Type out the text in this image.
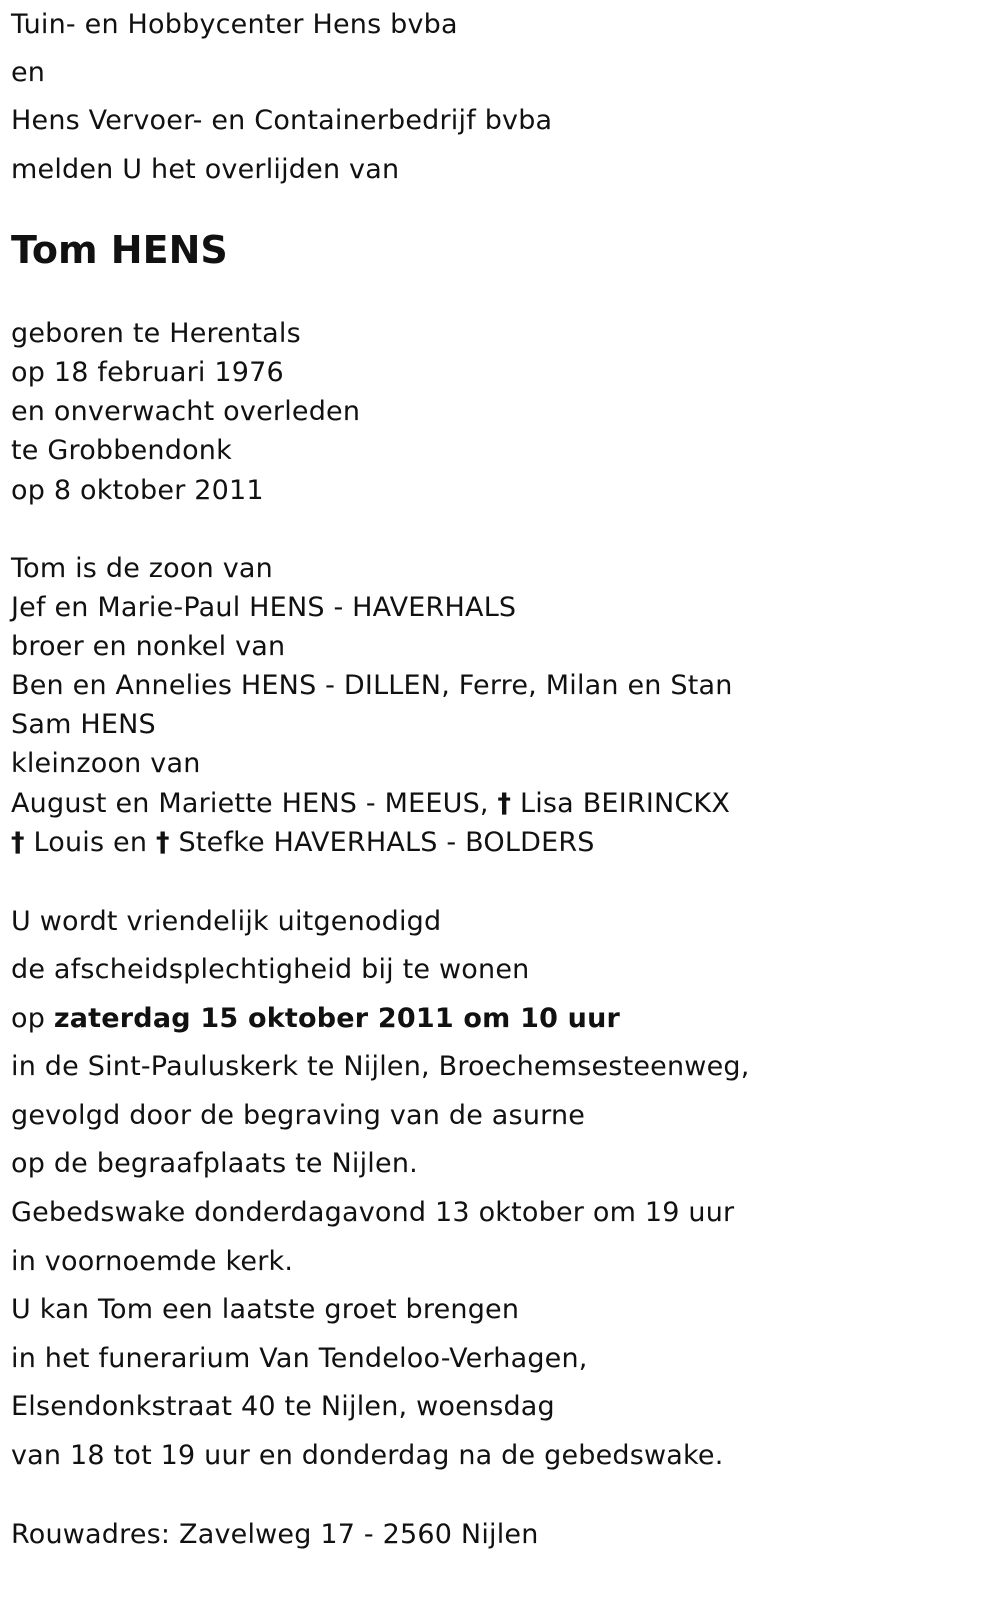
Tuin- en Hobbycenter Hens bvba
en
Hens Vervoer- en Containerbedrijf bvba
melden U het overlijden van
Tom HENS
geboren te Herentals
op 18 februari 1976
en onverwacht overleden
te Grobbendonk
op 8 oktober 2011
Tom is de zoon van
Jef en Marie-Paul HENS - HAVERHALS
broer en nonkel van
Ben en Annelies HENS - DILLEN, Ferre, Milan en Stan
Sam HENS
kleinzoon van
August en Mariette HENS - MEEUS, † Lisa BEIRINCKX
† Louis en † Stefke HAVERHALS - BOLDERS
U wordt vriendelijk uitgenodigd
de afscheidsplechtigheid bij te wonen
op zaterdag 15 oktober 2011 om 10 uur
in de Sint-Pauluskerk te Nijlen, Broechemsesteenweg,
gevolgd door de begraving van de asurne
op de begraafplaats te Nijlen.
Gebedswake donderdagavond 13 oktober om 19 uur
in voornoemde kerk.
U kan Tom een laatste groet brengen
in het funerarium Van Tendeloo-Verhagen,
Elsendonkstraat 40 te Nijlen, woensdag
van 18 tot 19 uur en donderdag na de gebedswake.
Rouwadres: Zavelweg 17 - 2560 Nijlen
